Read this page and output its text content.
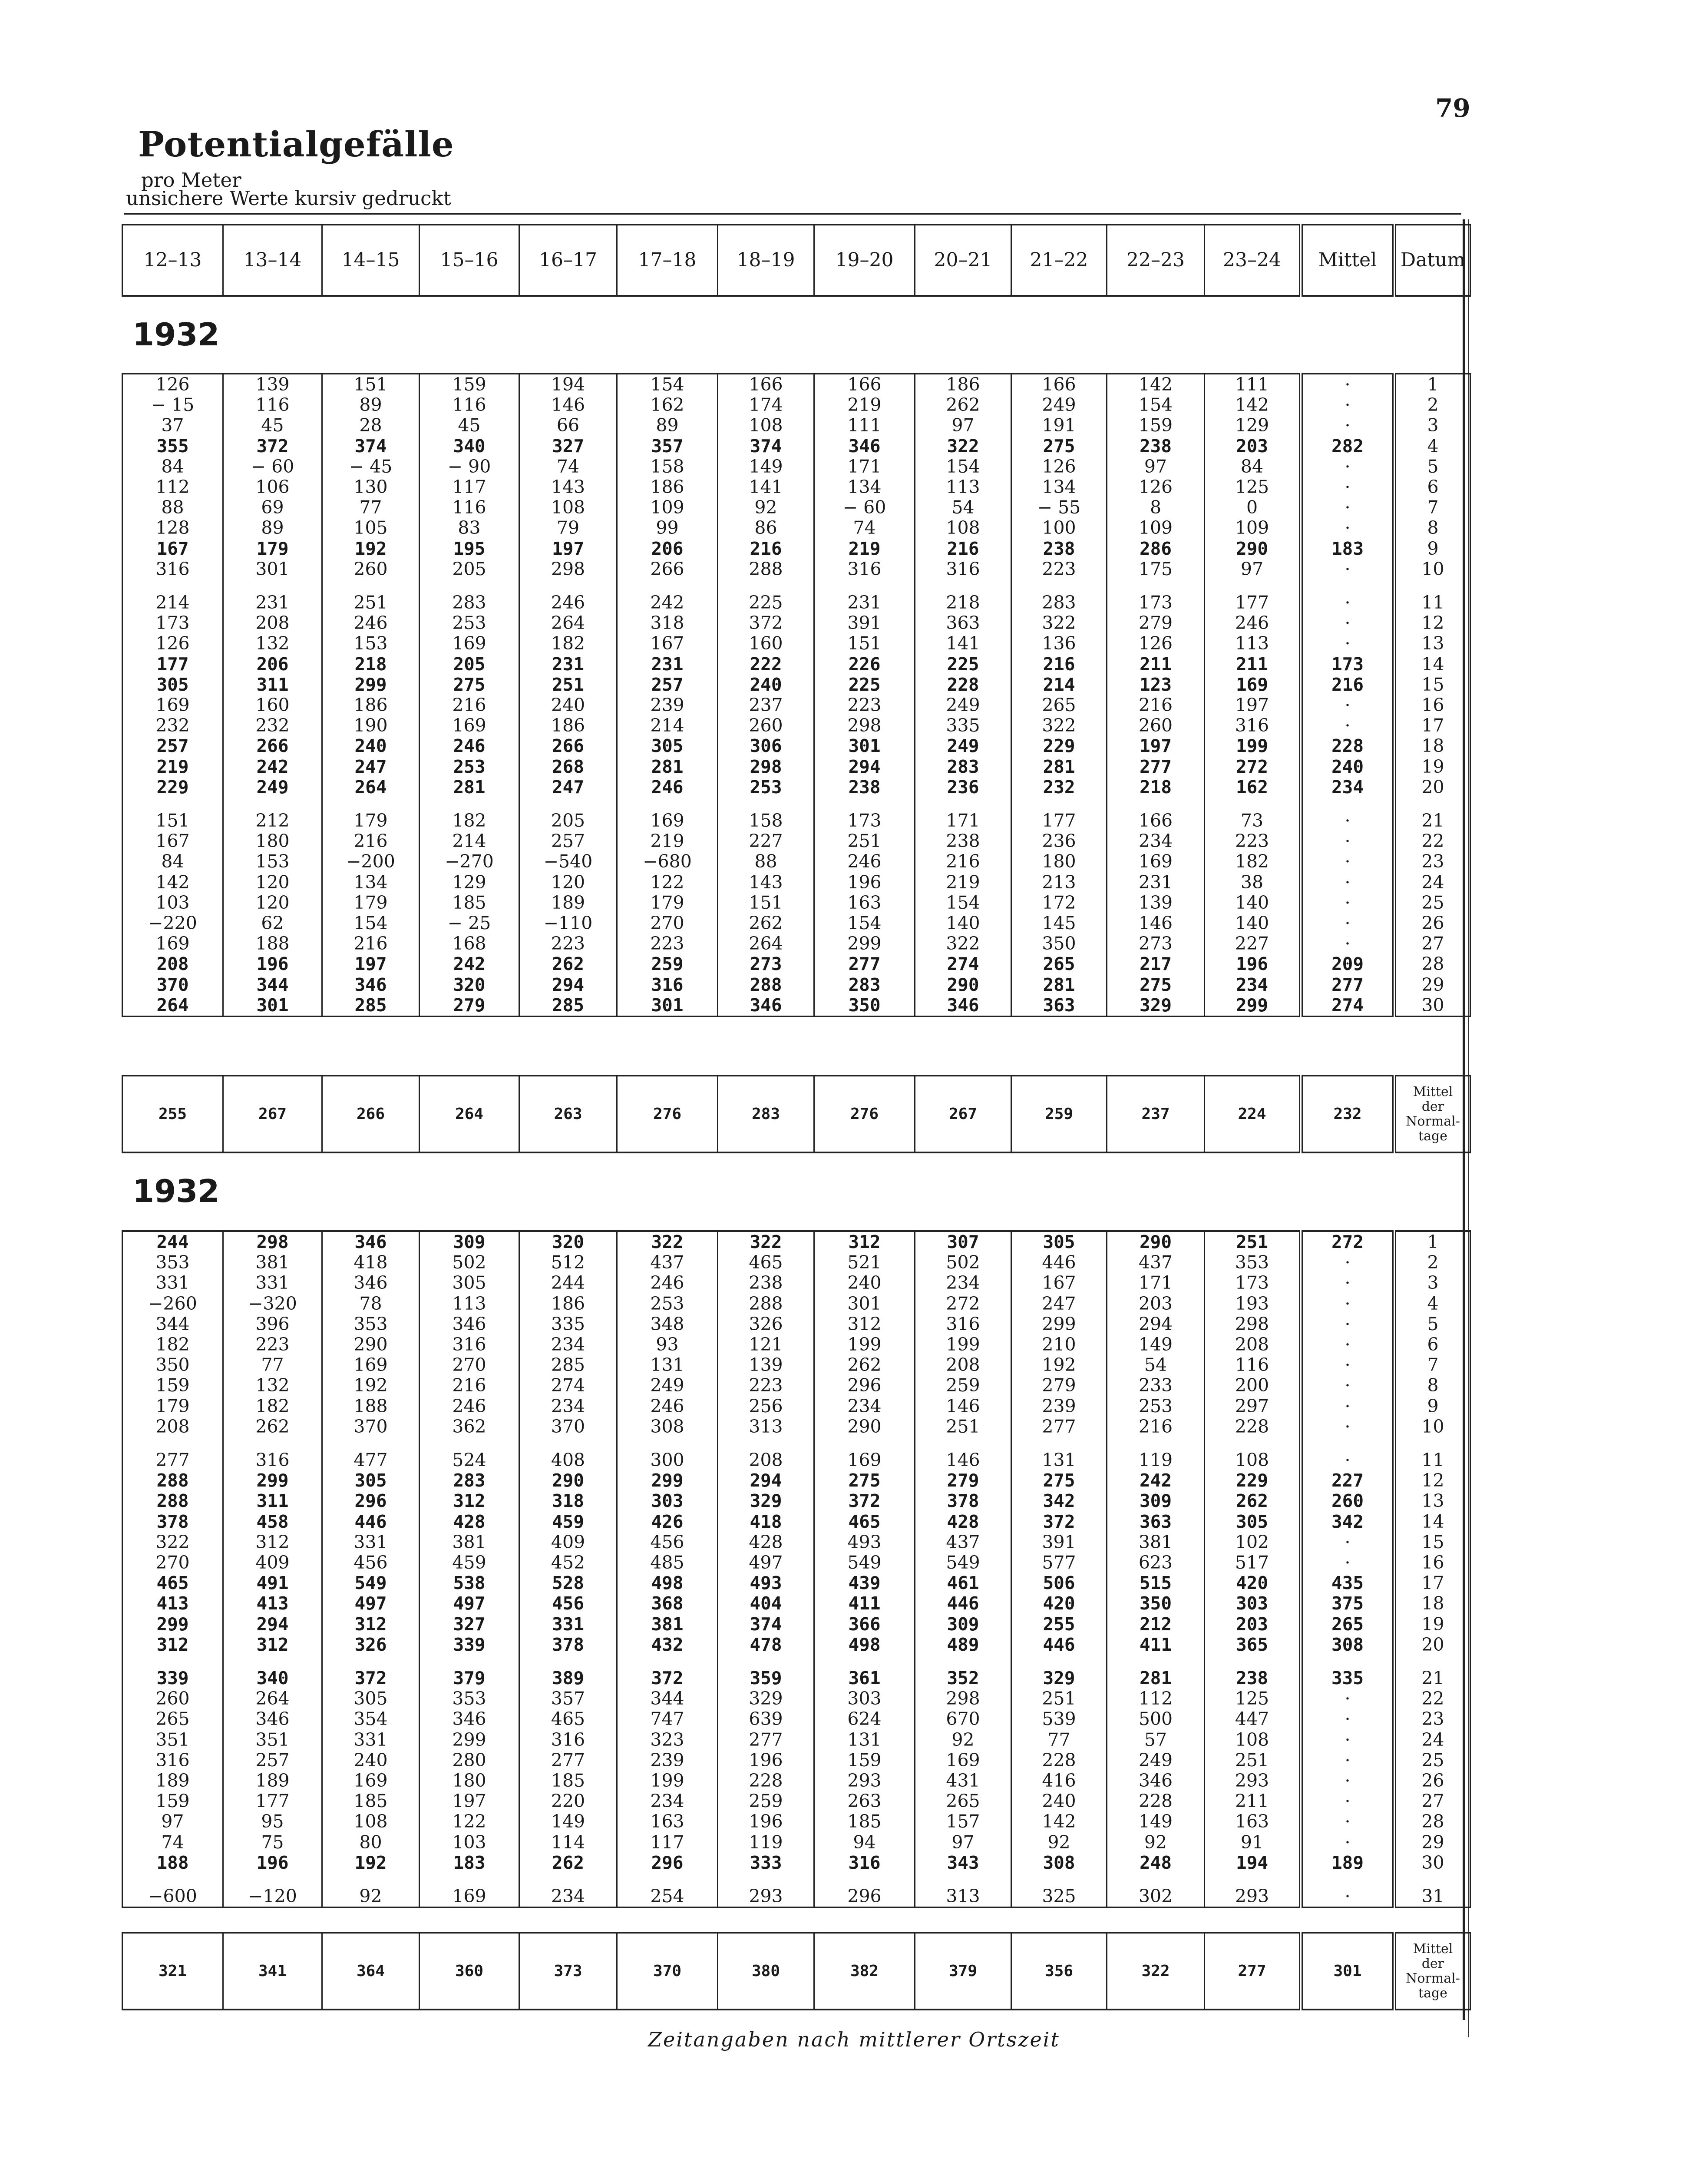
79
Potentialgefälle
pro Meter
unsichere Werte kursiv gedruckt
12–13	13–14	14–15	15–16	16–17	17–18	18–19	19–20	20–21	21–22	22–23	23–24	Mittel	Datum
1932
126	139	151	159	194	154	166	166	186	166	142	111	·	1
− 15	116	89	116	146	162	174	219	262	249	154	142	·	2
37	45	28	45	66	89	108	111	97	191	159	129	·	3
355	372	374	340	327	357	374	346	322	275	238	203	282	4
84	− 60	− 45	− 90	74	158	149	171	154	126	97	84	·	5
112	106	130	117	143	186	141	134	113	134	126	125	·	6
88	69	77	116	108	109	92	− 60	54	− 55	8	0	·	7
128	89	105	83	79	99	86	74	108	100	109	109	·	8
167	179	192	195	197	206	216	219	216	238	286	290	183	9
316	301	260	205	298	266	288	316	316	223	175	97	·	10

214	231	251	283	246	242	225	231	218	283	173	177	·	11
173	208	246	253	264	318	372	391	363	322	279	246	·	12
126	132	153	169	182	167	160	151	141	136	126	113	·	13
177	206	218	205	231	231	222	226	225	216	211	211	173	14
305	311	299	275	251	257	240	225	228	214	123	169	216	15
169	160	186	216	240	239	237	223	249	265	216	197	·	16
232	232	190	169	186	214	260	298	335	322	260	316	·	17
257	266	240	246	266	305	306	301	249	229	197	199	228	18
219	242	247	253	268	281	298	294	283	281	277	272	240	19
229	249	264	281	247	246	253	238	236	232	218	162	234	20

151	212	179	182	205	169	158	173	171	177	166	73	·	21
167	180	216	214	257	219	227	251	238	236	234	223	·	22
84	153	−200	−270	−540	−680	88	246	216	180	169	182	·	23
142	120	134	129	120	122	143	196	219	213	231	38	·	24
103	120	179	185	189	179	151	163	154	172	139	140	·	25
−220	62	154	− 25	−110	270	262	154	140	145	146	140	·	26
169	188	216	168	223	223	264	299	322	350	273	227	·	27
208	196	197	242	262	259	273	277	274	265	217	196	209	28
370	344	346	320	294	316	288	283	290	281	275	234	277	29
264	301	285	279	285	301	346	350	346	363	329	299	274	30
255	267	266	264	263	276	283	276	267	259	237	224	232	
Mittel
der
Normal-
tage
1932
244	298	346	309	320	322	322	312	307	305	290	251	272	1
353	381	418	502	512	437	465	521	502	446	437	353	·	2
331	331	346	305	244	246	238	240	234	167	171	173	·	3
−260	−320	78	113	186	253	288	301	272	247	203	193	·	4
344	396	353	346	335	348	326	312	316	299	294	298	·	5
182	223	290	316	234	93	121	199	199	210	149	208	·	6
350	77	169	270	285	131	139	262	208	192	54	116	·	7
159	132	192	216	274	249	223	296	259	279	233	200	·	8
179	182	188	246	234	246	256	234	146	239	253	297	·	9
208	262	370	362	370	308	313	290	251	277	216	228	·	10

277	316	477	524	408	300	208	169	146	131	119	108	·	11
288	299	305	283	290	299	294	275	279	275	242	229	227	12
288	311	296	312	318	303	329	372	378	342	309	262	260	13
378	458	446	428	459	426	418	465	428	372	363	305	342	14
322	312	331	381	409	456	428	493	437	391	381	102	·	15
270	409	456	459	452	485	497	549	549	577	623	517	·	16
465	491	549	538	528	498	493	439	461	506	515	420	435	17
413	413	497	497	456	368	404	411	446	420	350	303	375	18
299	294	312	327	331	381	374	366	309	255	212	203	265	19
312	312	326	339	378	432	478	498	489	446	411	365	308	20

339	340	372	379	389	372	359	361	352	329	281	238	335	21
260	264	305	353	357	344	329	303	298	251	112	125	·	22
265	346	354	346	465	747	639	624	670	539	500	447	·	23
351	351	331	299	316	323	277	131	92	77	57	108	·	24
316	257	240	280	277	239	196	159	169	228	249	251	·	25
189	189	169	180	185	199	228	293	431	416	346	293	·	26
159	177	185	197	220	234	259	263	265	240	228	211	·	27
97	95	108	122	149	163	196	185	157	142	149	163	·	28
74	75	80	103	114	117	119	94	97	92	92	91	·	29
188	196	192	183	262	296	333	316	343	308	248	194	189	30

−600	−120	92	169	234	254	293	296	313	325	302	293	·	31
321	341	364	360	373	370	380	382	379	356	322	277	301	
Mittel
der
Normal-
tage
Zeitangaben nach mittlerer Ortszeit
